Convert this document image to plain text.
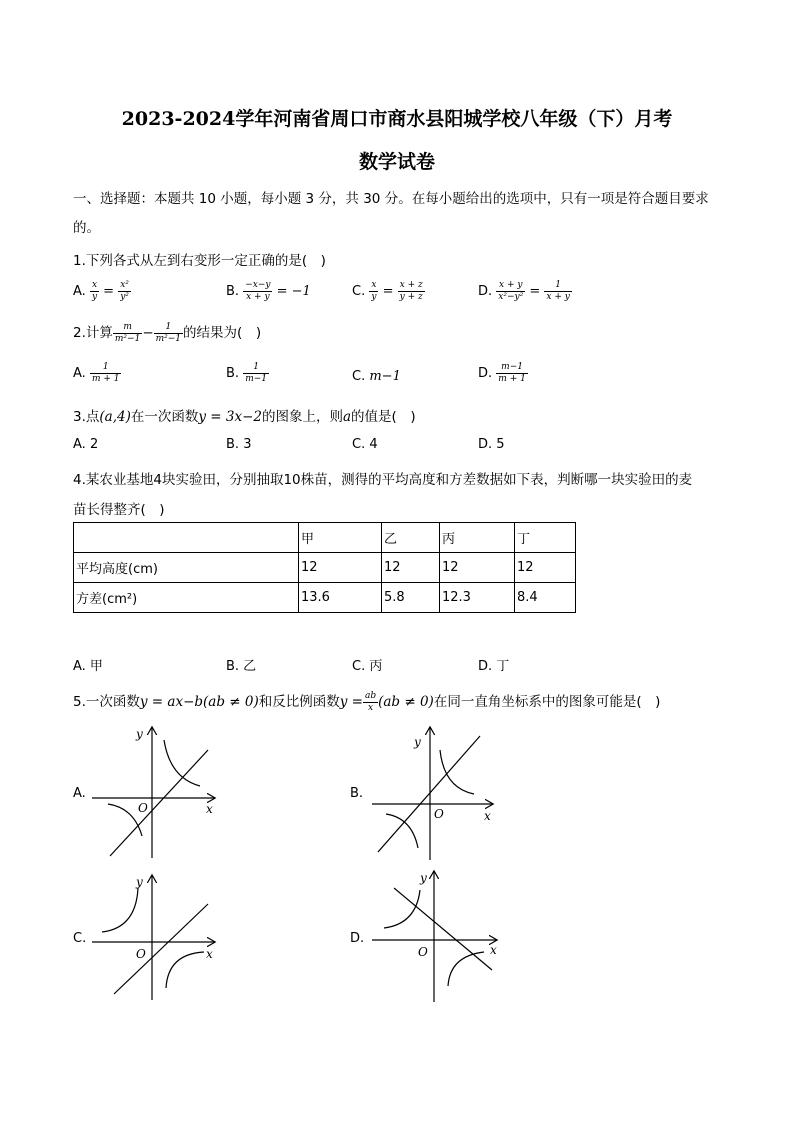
2023-2024学年河南省周口市商水县阳城学校八年级（下）月考
数学试卷
一、选择题：本题共 10 小题，每小题 3 分，共 30 分。在每小题给出的选项中，只有一项是符合题目要求
的。
1.下列各式从左到右变形一定正确的是(　)
A. $\frac{x}{y} = \frac{\text{x²}}{\text{y²}}$	B. $\frac{-x-y}{x + y} = -1$	C. $\frac{x}{y} = \frac{x + z}{y + z}$	D. $\frac{x + y}{\text{x²−y²}} = \frac{1}{x + y}$
2.计算 $\frac{m}{\text{m²−1}} - \frac{1}{\text{m²−1}}$ 的结果为(　)
A. $\frac{1}{m + 1}$	B. $\frac{1}{m-1}$	C. m−1	D. $\frac{m-1}{m + 1}$
3.点(a,4)在一次函数y = 3x−2的图象上，则a的值是(　)
A. 2	B. 3	C. 4	D. 5
4.某农业基地4块实验田，分别抽取10株苗，测得的平均高度和方差数据如下表，判断哪一块实验田的麦
苗长得整齐(　)
	甲	乙	丙	丁
平均高度(cm)	12	12	12	12
方差(cm²)	13.6	5.8	12.3	8.4
A. 甲	B. 乙	C. 丙	D. 丁
5.一次函数y = ax−b(ab ≠ 0)和反比例函数$y = \frac{ab}{x} (ab \ne 0)$在同一直角坐标系中的图象可能是(　)
A.
O	x
y
B.
O	x
y
C.
O	x
y
D.
O	x
y
